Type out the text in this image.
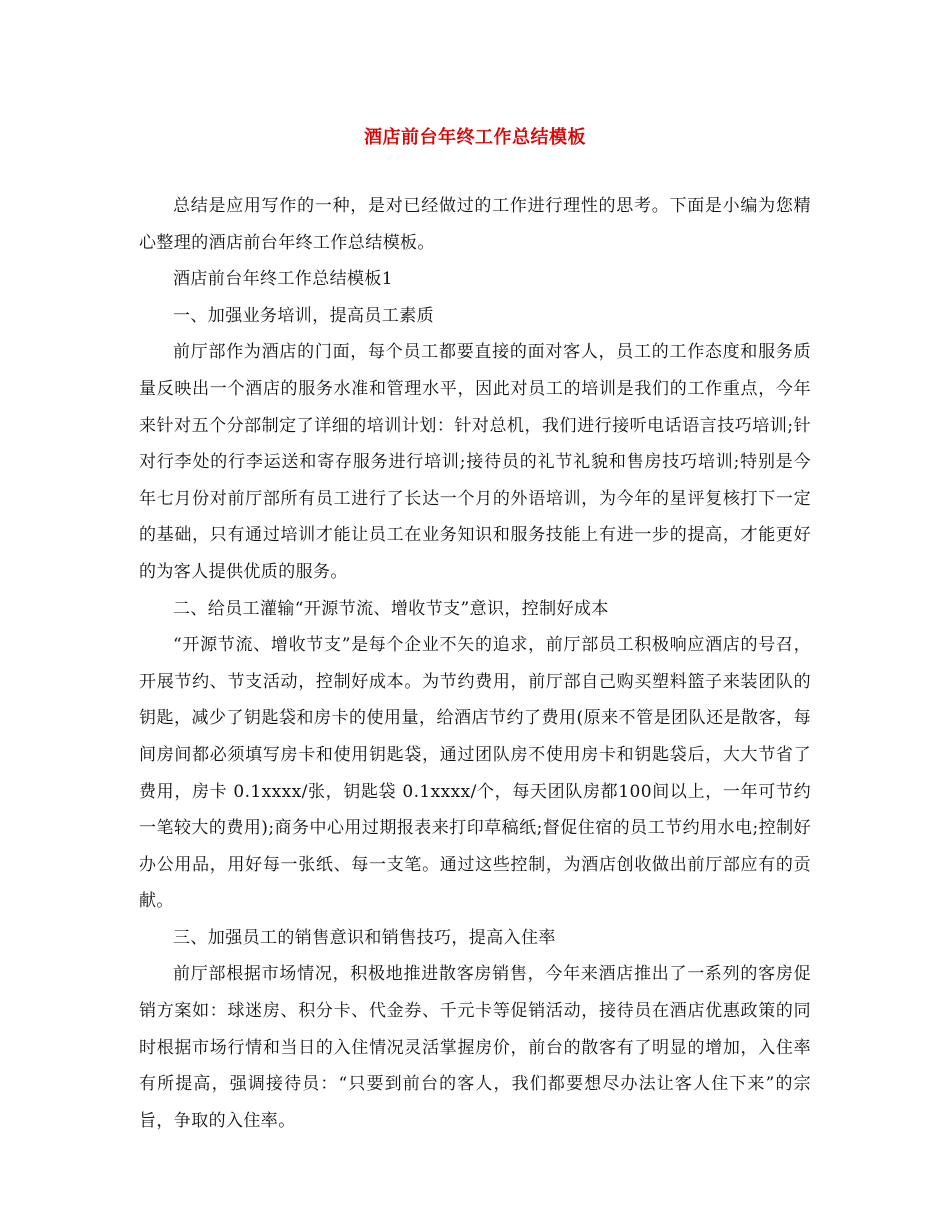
酒店前台年终工作总结模板

总结是应用写作的一种，是对已经做过的工作进行理性的思考。下面是小编为您精心整理的酒店前台年终工作总结模板。

酒店前台年终工作总结模板1

一、加强业务培训，提高员工素质

前厅部作为酒店的门面，每个员工都要直接的面对客人，员工的工作态度和服务质量反映出一个酒店的服务水准和管理水平，因此对员工的培训是我们的工作重点，今年来针对五个分部制定了详细的培训计划：针对总机，我们进行接听电话语言技巧培训;针对行李处的行李运送和寄存服务进行培训;接待员的礼节礼貌和售房技巧培训;特别是今年七月份对前厅部所有员工进行了长达一个月的外语培训，为今年的星评复核打下一定的基础，只有通过培训才能让员工在业务知识和服务技能上有进一步的提高，才能更好的为客人提供优质的服务。

二、给员工灌输“开源节流、增收节支”意识，控制好成本

“开源节流、增收节支”是每个企业不矢的追求，前厅部员工积极响应酒店的号召，开展节约、节支活动，控制好成本。为节约费用，前厅部自己购买塑料篮子来装团队的钥匙，减少了钥匙袋和房卡的使用量，给酒店节约了费用(原来不管是团队还是散客，每间房间都必须填写房卡和使用钥匙袋，通过团队房不使用房卡和钥匙袋后，大大节省了费用，房卡 0.1xxxx/张，钥匙袋 0.1xxxx/个，每天团队房都100间以上，一年可节约一笔较大的费用);商务中心用过期报表来打印草稿纸;督促住宿的员工节约用水电;控制好办公用品，用好每一张纸、每一支笔。通过这些控制，为酒店创收做出前厅部应有的贡献。

三、加强员工的销售意识和销售技巧，提高入住率

前厅部根据市场情况，积极地推进散客房销售，今年来酒店推出了一系列的客房促销方案如：球迷房、积分卡、代金券、千元卡等促销活动，接待员在酒店优惠政策的同时根据市场行情和当日的入住情况灵活掌握房价，前台的散客有了明显的增加，入住率有所提高，强调接待员：“只要到前台的客人，我们都要想尽办法让客人住下来”的宗旨，争取的入住率。
